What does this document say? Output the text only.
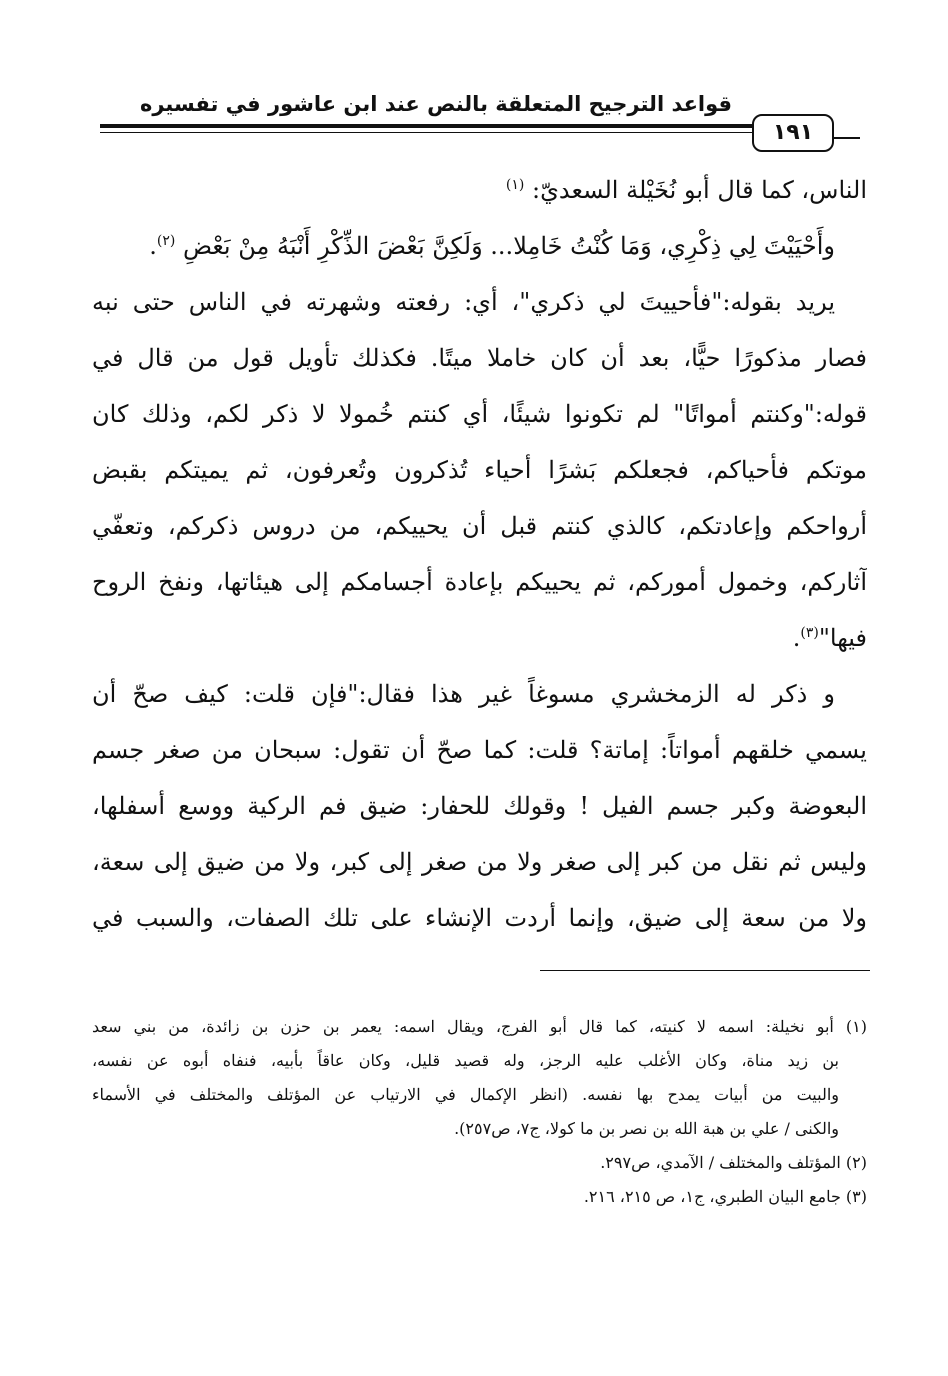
قواعد الترجيح المتعلقة بالنص عند ابن عاشور في تفسيره
١٩١
الناس، كما قال أبو نُخَيْلة السعديّ: $^{(١)}$
وأَحْيَيْتَ لِي ذِكْرِي، وَمَا كُنْتُ خَامِلا... وَلَكِنَّ بَعْضَ الذِّكْرِ أَنْبَهُ مِنْ بَعْضِ $^{(٢)}$.
يريد بقوله:"فأحييتَ لي ذكري"، أي: رفعته وشهرته في الناس حتى نبه
فصار مذكورًا حيًّا، بعد أن كان خاملا ميتًا. فكذلك تأويل قول من قال في
قوله:"وكنتم أمواتًا" لم تكونوا شيئًا، أي كنتم خُمولا لا ذكر لكم، وذلك كان
موتكم فأحياكم، فجعلكم بَشرًا أحياء تُذكرون وتُعرفون، ثم يميتكم بقبض
أرواحكم وإعادتكم، كالذي كنتم قبل أن يحييكم، من دروس ذكركم، وتعفّي
آثاركم، وخمول أموركم، ثم يحييكم بإعادة أجسامكم إلى هيئاتها، ونفخ الروح
فيها"$^{(٣)}$.
و ذكر له الزمخشري مسوغاً غير هذا فقال:"فإن قلت: كيف صحّ أن
يسمي خلقهم أمواتاً: إماتة؟ قلت: كما صحّ أن تقول: سبحان من صغر جسم
البعوضة وكبر جسم الفيل ! وقولك للحفار: ضيق فم الركية ووسع أسفلها،
وليس ثم نقل من كبر إلى صغر ولا من صغر إلى كبر، ولا من ضيق إلى سعة،
ولا من سعة إلى ضيق، وإنما أردت الإنشاء على تلك الصفات، والسبب في
(١) أبو نخيلة: اسمه لا كنيته، كما قال أبو الفرج، ويقال اسمه: يعمر بن حزن بن زائدة، من بني سعد
بن زيد مناة، وكان الأغلب عليه الرجز، وله قصيد قليل، وكان عاقاً بأبيه، فنفاه أبوه عن نفسه،
والبيت من أبيات يمدح بها نفسه. (انظر الإكمال في الارتياب عن المؤتلف والمختلف في الأسماء
والكنى / علي بن هبة الله بن نصر بن ما كولا، ج٧، ص٢٥٧).
(٢) المؤتلف والمختلف / الآمدي، ص٢٩٧.
(٣) جامع البيان الطبري، ج١، ص ٢١٥، ٢١٦.
